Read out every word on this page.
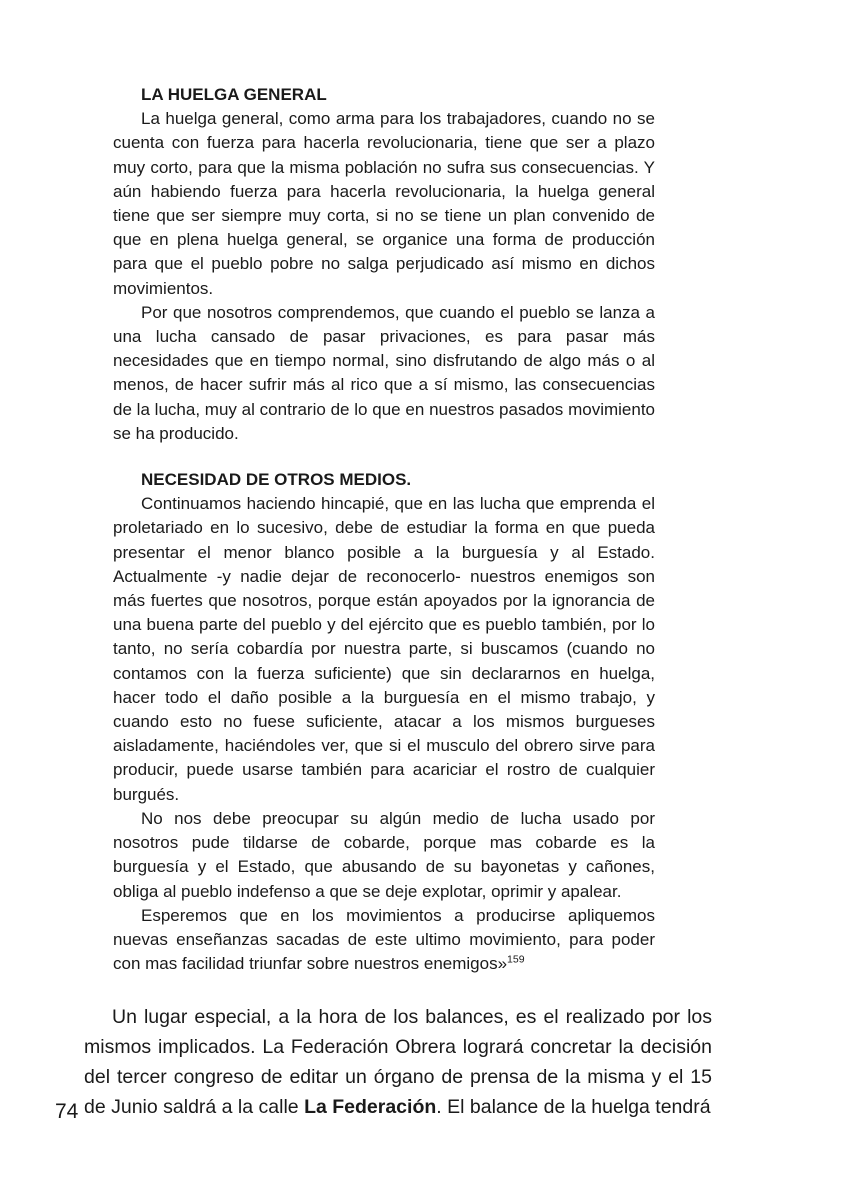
LA HUELGA GENERAL

La huelga general, como arma para los trabajadores, cuando no se cuenta con fuerza para hacerla revolucionaria, tiene que ser a plazo muy corto, para que la misma población no sufra sus consecuencias. Y aún habiendo fuerza para hacerla revolucionaria, la huelga general tiene que ser siempre muy corta, si no se tiene un plan convenido de que en plena huelga general, se organice una forma de producción para que el pueblo pobre no salga perjudicado así mismo en dichos movimientos.

Por que nosotros comprendemos, que cuando el pueblo se lanza a una lucha cansado de pasar privaciones, es para pasar más necesidades que en tiempo normal, sino disfrutando de algo más o al menos, de hacer sufrir más al rico que a sí mismo, las consecuencias de la lucha, muy al contrario de lo que en nuestros pasados movimiento se ha producido.

NECESIDAD DE OTROS MEDIOS.

Continuamos haciendo hincapié, que en las lucha que emprenda el proletariado en lo sucesivo, debe de estudiar la forma en que pueda presentar el menor blanco posible a la burguesía y al Estado. Actualmente -y nadie dejar de reconocerlo- nuestros enemigos son más fuertes que nosotros, porque están apoyados por la ignorancia de una buena parte del pueblo y del ejército que es pueblo también, por lo tanto, no sería cobardía por nuestra parte, si buscamos (cuando no contamos con la fuerza suficiente) que sin declararnos en huelga, hacer todo el daño posible a la burguesía en el mismo trabajo, y cuando esto no fuese suficiente, atacar a los mismos burgueses aisladamente, haciéndoles ver, que si el musculo del obrero sirve para producir, puede usarse también para acariciar el rostro de cualquier burgués.

No nos debe preocupar su algún medio de lucha usado por nosotros pude tildarse de cobarde, porque mas cobarde es la burguesía y el Estado, que abusando de su bayonetas y cañones, obliga al pueblo indefenso a que se deje explotar, oprimir y apalear.

Esperemos que en los movimientos a producirse apliquemos nuevas enseñanzas sacadas de este ultimo movimiento, para poder con mas facilidad triunfar sobre nuestros enemigos»$^{159}$

Un lugar especial, a la hora de los balances, es el realizado por los mismos implicados. La Federación Obrera logrará concretar la decisión del tercer congreso de editar un órgano de prensa de la misma y el 15 de Junio saldrá a la calle La Federación. El balance de la huelga tendrá

74
